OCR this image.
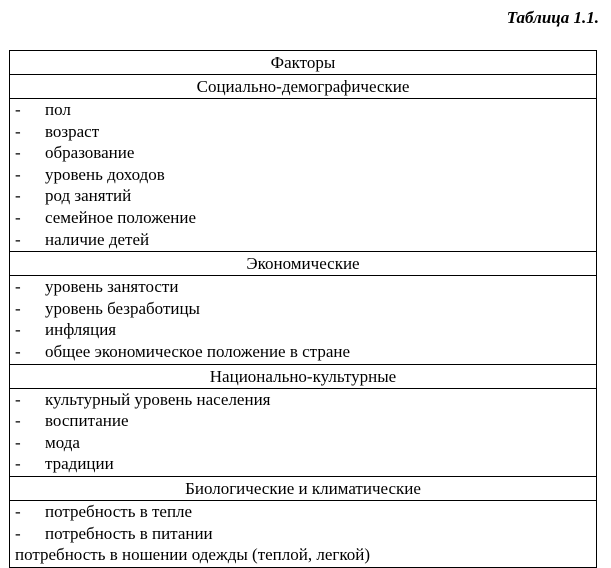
Таблица 1.1.
Факторы
Социально-демографические

- пол
- возраст
- образование
- уровень доходов
- род занятий
- семейное положение
- наличие детей

Экономические

- уровень занятости
- уровень безработицы
- инфляция
- общее экономическое положение в стране

Национально-культурные

- культурный уровень населения
- воспитание
- мода
- традиции

Биологические и климатические

- потребность в тепле
- потребность в питании
потребность в ношении одежды (теплой, легкой)
